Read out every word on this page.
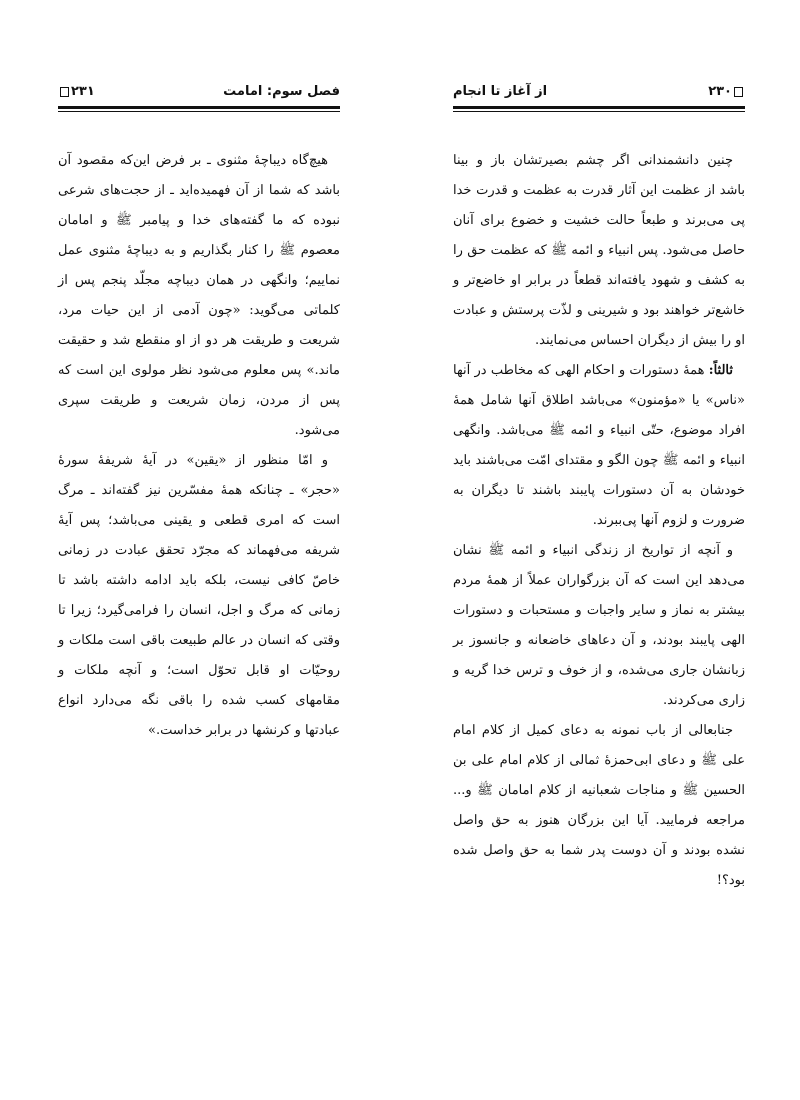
۲۳۱	فصل سوم: امامت

هیچ‌گاه دیباچهٔ مثنوی ـ بر فرض این‌که مقصود آن باشد که شما از آن فهمیده‌اید ـ از حجت‌های شرعی نبوده که ما گفته‌های خدا و پیامبر ﷺ و امامان معصوم ﷺ را کنار بگذاریم و به دیباچهٔ مثنوی عمل نماییم؛ وانگهی در همان دیباچه مجلّد پنجم پس از کلماتی می‌گوید: «چون آدمی از این حیات مرد، شریعت و طریقت هر دو از او منقطع شد و حقیقت ماند.» پس معلوم می‌شود نظر مولوی این است که پس از مردن، زمان شریعت و طریقت سپری می‌شود.

و امّا منظور از «یقین» در آیهٔ شریفهٔ سورهٔ «حجر» ـ چنانکه همهٔ مفسّرین نیز گفته‌اند ـ مرگ است که امری قطعی و یقینی می‌باشد؛ پس آیهٔ شریفه می‌فهماند که مجرّد تحقق عبادت در زمانی خاصّ کافی نیست، بلکه باید ادامه داشته باشد تا زمانی که مرگ و اجل، انسان را فرامی‌گیرد؛ زیرا تا وقتی که انسان در عالم طبیعت باقی است ملکات و روحیّات او قابل تحوّل است؛ و آنچه ملکات و مقامهای کسب شده را باقی نگه می‌دارد انواع عبادتها و کرنشها در برابر خداست.»

از آغاز تا انجام	۲۳۰

چنین دانشمندانی اگر چشم بصیرتشان باز و بینا باشد از عظمت این آثار قدرت به عظمت و قدرت خدا پی می‌برند و طبعاً حالت خشیت و خضوع برای آنان حاصل می‌شود. پس انبیاء و ائمه ﷺ که عظمت حق را به کشف و شهود یافته‌اند قطعاً در برابر او خاضع‌تر و خاشع‌تر خواهند بود و شیرینی و لذّت پرستش و عبادت او را بیش از دیگران احساس می‌نمایند.

ثالثاً: همهٔ دستورات و احکام الهی که مخاطب در آنها «ناس» یا «مؤمنون» می‌باشد اطلاق آنها شامل همهٔ افراد موضوع، حتّی انبیاء و ائمه ﷺ می‌باشد. وانگهی انبیاء و ائمه ﷺ چون الگو و مقتدای امّت می‌باشند باید خودشان به آن دستورات پایبند باشند تا دیگران به ضرورت و لزوم آنها پی‌ببرند.

و آنچه از تواریخ از زندگی انبیاء و ائمه ﷺ نشان می‌دهد این است که آن بزرگواران عملاً از همهٔ مردم بیشتر به نماز و سایر واجبات و مستحبات و دستورات الهی پایبند بودند، و آن دعاهای خاضعانه و جانسوز بر زبانشان جاری می‌شده، و از خوف و ترس خدا گریه و زاری می‌کردند.

جنابعالی از باب نمونه به دعای کمیل از کلام امام علی ﷺ و دعای ابی‌حمزهٔ ثمالی از کلام امام علی بن الحسین ﷺ و مناجات شعبانیه از کلام امامان ﷺ و... مراجعه فرمایید. آیا این بزرگان هنوز به حق واصل نشده بودند و آن دوست پدر شما به حق واصل شده بود؟!
